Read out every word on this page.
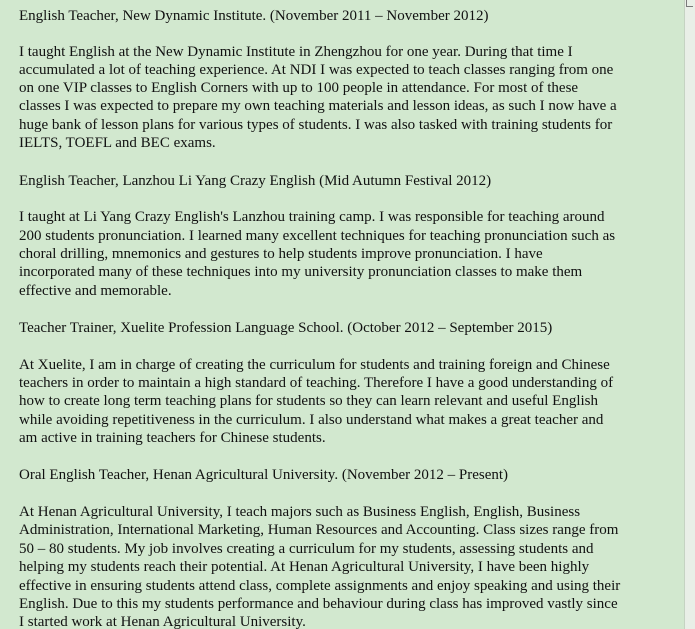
English Teacher, New Dynamic Institute. (November 2011 – November 2012)
I taught English at the New Dynamic Institute in Zhengzhou for one year. During that time I
accumulated a lot of teaching experience. At NDI I was expected to teach classes ranging from one
on one VIP classes to English Corners with up to 100 people in attendance. For most of these
classes I was expected to prepare my own teaching materials and lesson ideas, as such I now have a
huge bank of lesson plans for various types of students. I was also tasked with training students for
IELTS, TOEFL and BEC exams.
English Teacher, Lanzhou Li Yang Crazy English (Mid Autumn Festival 2012)
I taught at Li Yang Crazy English's Lanzhou training camp. I was responsible for teaching around
200 students pronunciation. I learned many excellent techniques for teaching pronunciation such as
choral drilling, mnemonics and gestures to help students improve pronunciation. I have
incorporated many of these techniques into my university pronunciation classes to make them
effective and memorable.
Teacher Trainer, Xuelite Profession Language School. (October 2012 – September 2015)
At Xuelite, I am in charge of creating the curriculum for students and training foreign and Chinese
teachers in order to maintain a high standard of teaching. Therefore I have a good understanding of
how to create long term teaching plans for students so they can learn relevant and useful English
while avoiding repetitiveness in the curriculum. I also understand what makes a great teacher and
am active in training teachers for Chinese students.
Oral English Teacher, Henan Agricultural University. (November 2012 – Present)
At Henan Agricultural University, I teach majors such as Business English, English, Business
Administration, International Marketing, Human Resources and Accounting. Class sizes range from
50 – 80 students. My job involves creating a curriculum for my students, assessing students and
helping my students reach their potential. At Henan Agricultural University, I have been highly
effective in ensuring students attend class, complete assignments and enjoy speaking and using their
English. Due to this my students performance and behaviour during class has improved vastly since
I started work at Henan Agricultural University.
